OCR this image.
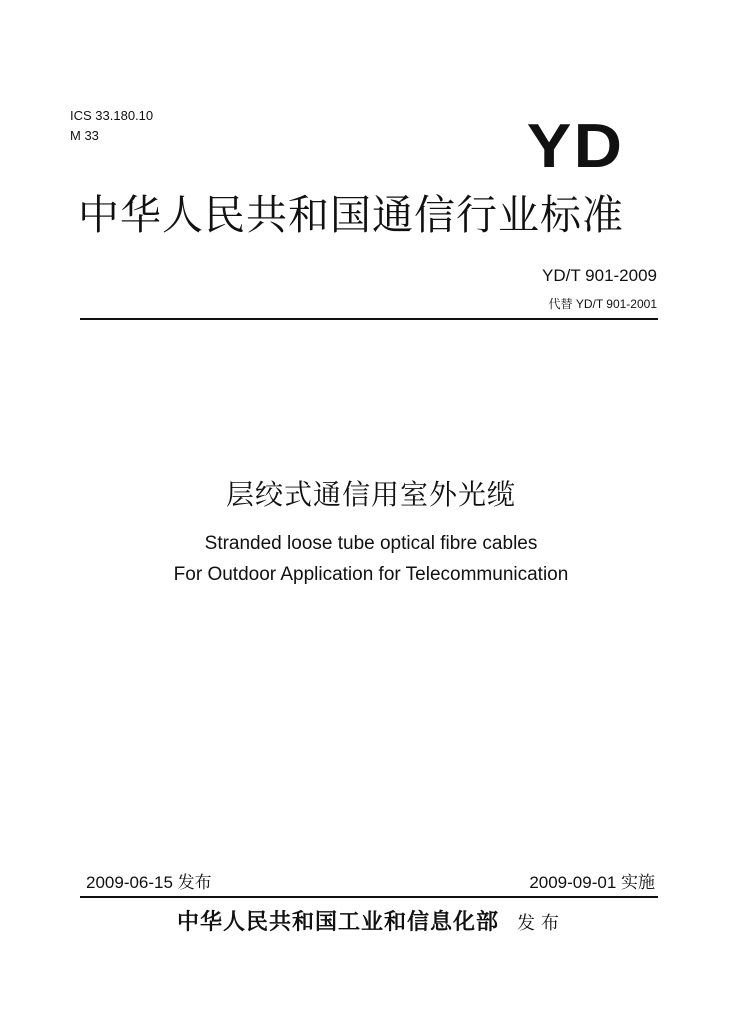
ICS 33.180.10
M 33	YD
中华人民共和国通信行业标准
YD/T 901-2009
代替 YD/T 901-2001
层绞式通信用室外光缆
Stranded loose tube optical fibre cables
For Outdoor Application for Telecommunication
2009-06-15 发布	2009-09-01 实施
中华人民共和国工业和信息化部 发布
